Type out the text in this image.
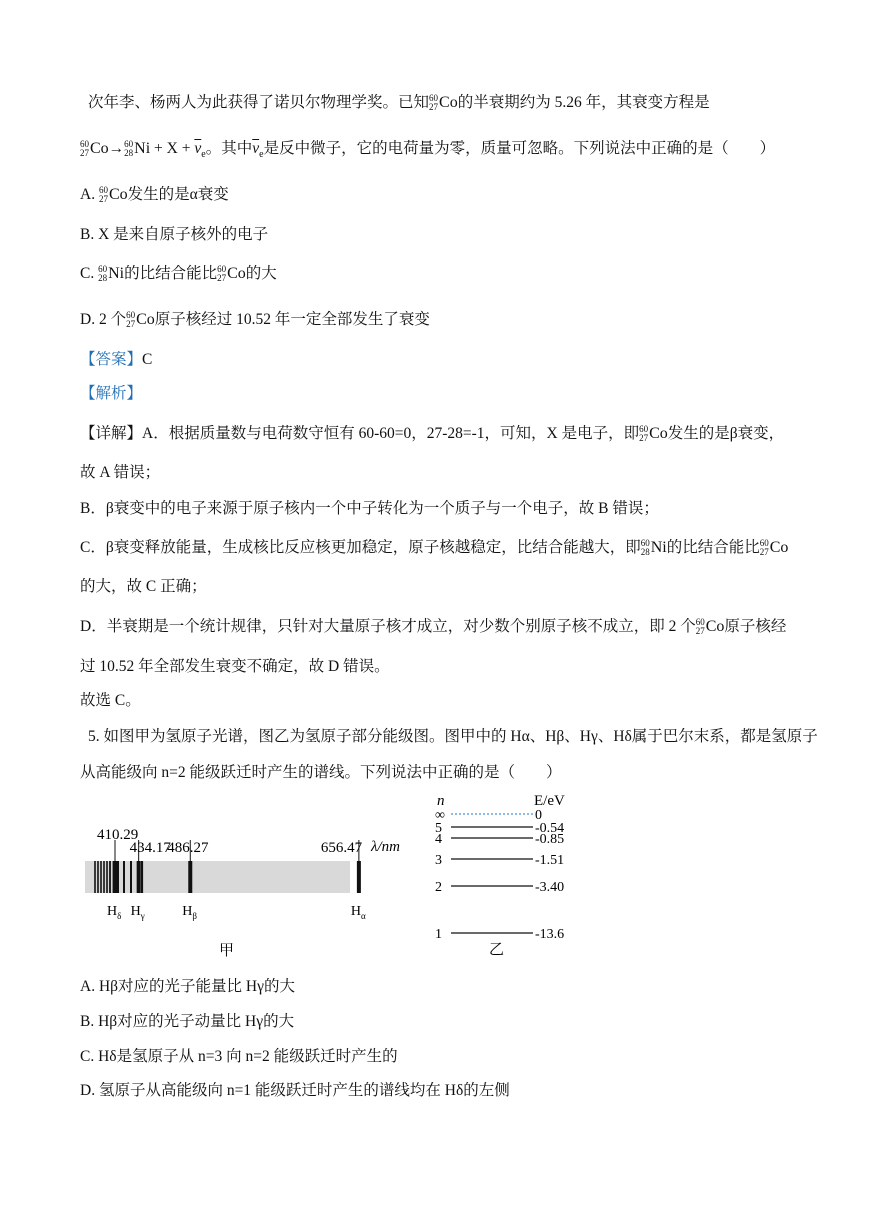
次年李、杨两人为此获得了诺贝尔物理学奖。已知 60
27 Co 的半衰期约为 5.26 年，其衰变方程是
60
27 Co → 60
28 $Ni + X + \overline{\nu}_e$。其中$\overline{\nu}_e$是反中微子，它的电荷量为零，质量可忽略。下列说法中正确的是（　　）
A. 60
27 Co 发生的是α衰变
B. X 是来自原子核外的电子
C. 60
28 Ni 的比结合能比 60
27 Co 的大
D. 2 个 60
27 Co 原子核经过 10.52 年一定全部发生了衰变
【答案】C
【解析】
【详解】A．根据质量数与电荷数守恒有 60-60=0，27-28=-1，可知，X 是电子，即 60
27 Co 发生的是β衰变，
故 A 错误；
B．β衰变中的电子来源于原子核内一个中子转化为一个质子与一个电子，故 B 错误；
C．β衰变释放能量，生成核比反应核更加稳定，原子核越稳定，比结合能越大，即 60
28 Ni 的比结合能比 60
27 Co
的大，故 C 正确；
D．半衰期是一个统计规律，只针对大量原子核才成立，对少数个别原子核不成立，即 2 个 60
27 Co 原子核经
过 10.52 年全部发生衰变不确定，故 D 错误。
故选 C。
5. 如图甲为氢原子光谱，图乙为氢原子部分能级图。图甲中的 Hα、Hβ、Hγ、Hδ属于巴尔末系，都是氢原子
从高能级向 n=2 能级跃迁时产生的谱线。下列说法中正确的是（　　）
410.29
$H_\delta$
434.17
$H_\gamma$
486.27
$H_\beta$
656.47
$H_\alpha$
λ/nm
甲
n	E/eV
∞	0
5	-0.54
4	-0.85
3	-1.51
2	-3.40
1	-13.6
乙
A. Hβ对应的光子能量比 Hγ的大
B. Hβ对应的光子动量比 Hγ的大
C. Hδ是氢原子从 n=3 向 n=2 能级跃迁时产生的
D. 氢原子从高能级向 n=1 能级跃迁时产生的谱线均在 Hδ的左侧
